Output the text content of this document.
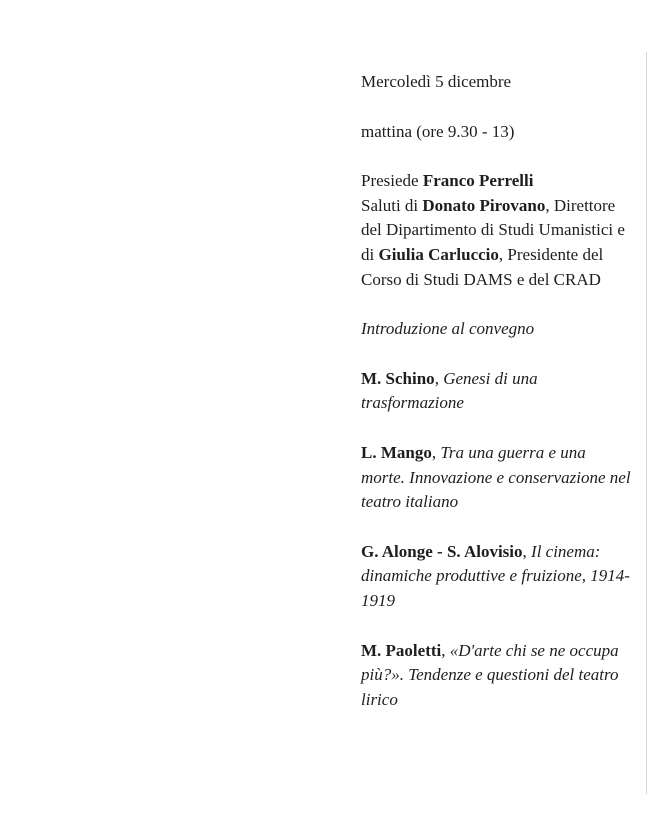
Mercoledì 5 dicembre

mattina (ore 9.30 - 13)

Presiede Franco Perrelli
Saluti di Donato Pirovano, Direttore del Dipartimento di Studi Umanistici e di Giulia Carluccio, Presidente del Corso di Studi DAMS e del CRAD

Introduzione al convegno

M. Schino, Genesi di una trasformazione

L. Mango, Tra una guerra e una morte. Innovazione e conservazione nel teatro italiano

G. Alonge - S. Alovisio, Il cinema: dinamiche produttive e fruizione, 1914-1919

M. Paoletti, «D'arte chi se ne occupa più?». Tendenze e questioni del teatro lirico
